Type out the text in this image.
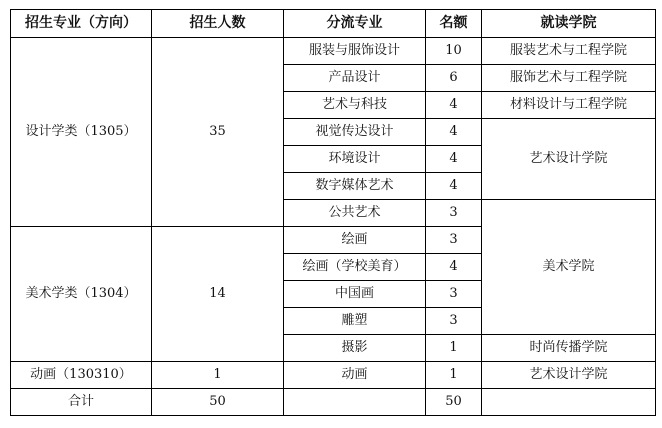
招生专业（方向）	招生人数	分流专业	名额	就读学院
设计学类（1305）	35	服装与服饰设计	10	服装艺术与工程学院
		产品设计	6	服饰艺术与工程学院
		艺术与科技	4	材料设计与工程学院
		视觉传达设计	4	艺术设计学院
		环境设计	4	
		数字媒体艺术	4	
		公共艺术	3	美术学院
美术学类（1304）	14	绘画	3	
		绘画（学校美育）	4	
		中国画	3	
		雕塑	3	
		摄影	1	时尚传播学院
动画（130310）	1	动画	1	艺术设计学院
合计	50		50	
